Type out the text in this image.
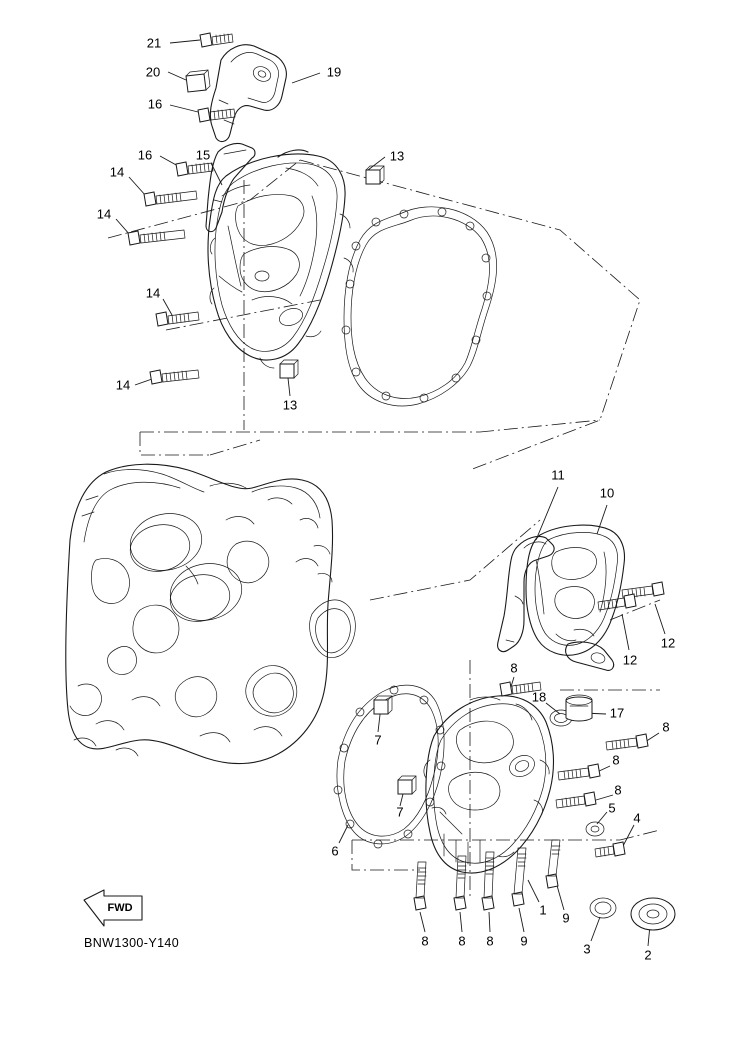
21
20	19
16
13
16	15
14
14
14
14
13
11
10
12
12
8
18
17
8
8
7
8
5
4
7
6
1
9
3	2
8 8 8 9
FWD
BNW1300-Y140
